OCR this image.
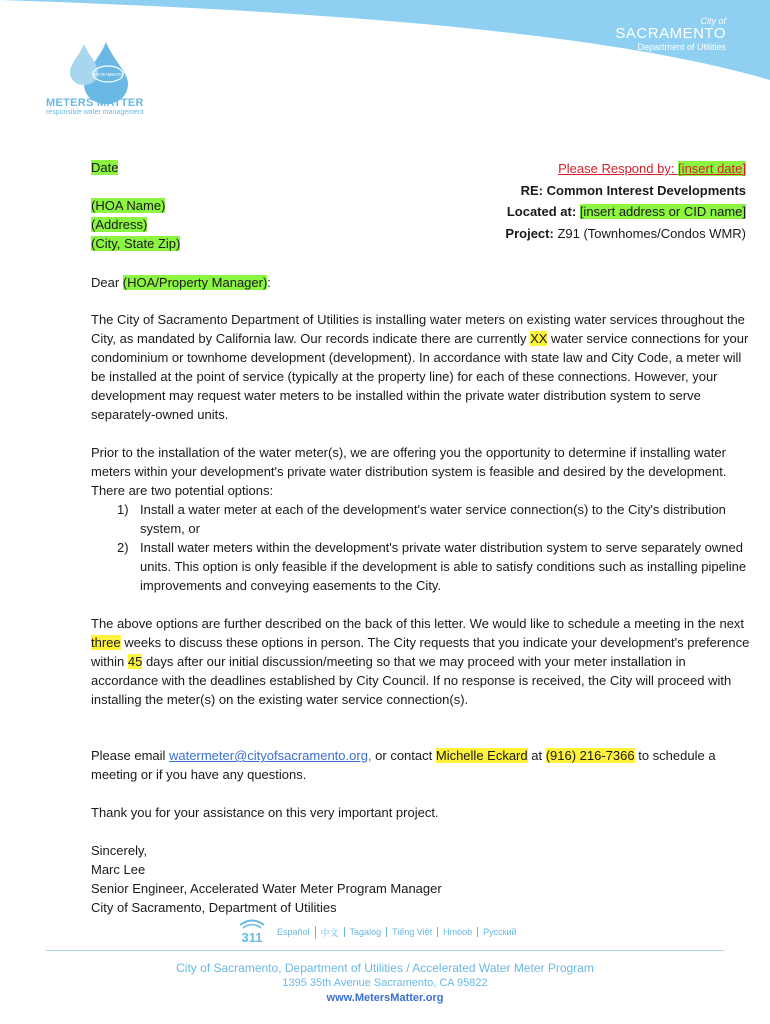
City of
SACRAMENTO
Department of Utilities
SACRAMENTO
METERS MATTER
responsible water management
Date
(HOA Name)
(Address)
(City, State Zip)
Please Respond by: [insert date]
RE: Common Interest Developments
Located at: [insert address or CID name]
Project: Z91 (Townhomes/Condos WMR)
Dear (HOA/Property Manager):
The City of Sacramento Department of Utilities is installing water meters on existing water services throughout the City, as mandated by California law. Our records indicate there are currently XX water service connections for your condominium or townhome development (development). In accordance with state law and City Code, a meter will be installed at the point of service (typically at the property line) for each of these connections. However, your development may request water meters to be installed within the private water distribution system to serve separately-owned units.
Prior to the installation of the water meter(s), we are offering you the opportunity to determine if installing water meters within your development's private water distribution system is feasible and desired by the development. There are two potential options:
1) Install a water meter at each of the development's water service connection(s) to the City's distribution system, or
2) Install water meters within the development's private water distribution system to serve separately owned units. This option is only feasible if the development is able to satisfy conditions such as installing pipeline improvements and conveying easements to the City.
The above options are further described on the back of this letter. We would like to schedule a meeting in the next three weeks to discuss these options in person. The City requests that you indicate your development's preference within 45 days after our initial discussion/meeting so that we may proceed with your meter installation in accordance with the deadlines established by City Council. If no response is received, the City will proceed with installing the meter(s) on the existing water service connection(s).
Please email watermeter@cityofsacramento.org, or contact Michelle Eckard at (916) 216-7366 to schedule a meeting or if you have any questions.
Thank you for your assistance on this very important project.
Sincerely,
Marc Lee
Senior Engineer, Accelerated Water Meter Program Manager
City of Sacramento, Department of Utilities
311	Español	中文	Tagalog	Tiếng Việt	Hmoob	Русский
City of Sacramento, Department of Utilities / Accelerated Water Meter Program
1395 35th Avenue Sacramento, CA 95822
www.MetersMatter.org
